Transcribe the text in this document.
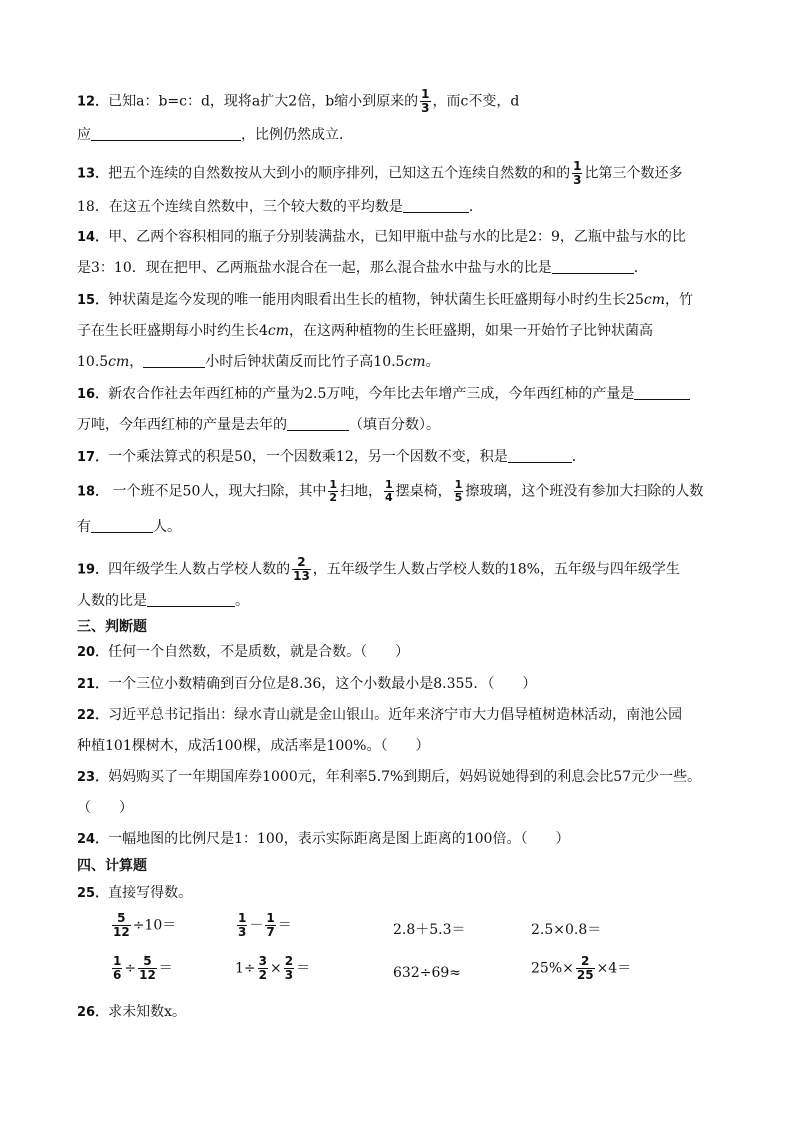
12．已知a：b=c：d，现将a扩大2倍，b缩小到原来的 $\frac{1}{3}$ ，而c不变，d
应	，比例仍然成立．
13．把五个连续的自然数按从大到小的顺序排列，已知这五个连续自然数的和的 $\frac{1}{3}$ 比第三个数还多
18．在这五个连续自然数中，三个较大数的平均数是	．
14．甲、乙两个容积相同的瓶子分别装满盐水，已知甲瓶中盐与水的比是2：9，乙瓶中盐与水的比
是3：10．现在把甲、乙两瓶盐水混合在一起，那么混合盐水中盐与水的比是	．
15．钟状菌是迄今发现的唯一能用肉眼看出生长的植物，钟状菌生长旺盛期每小时约生长25cm，竹
子在生长旺盛期每小时约生长4cm，在这两种植物的生长旺盛期，如果一开始竹子比钟状菌高
10.5cm，	小时后钟状菌反而比竹子高10.5cm。
16．新农合作社去年西红柿的产量为2.5万吨，今年比去年增产三成，今年西红柿的产量是
万吨，今年西红柿的产量是去年的	（填百分数）。
17．一个乘法算式的积是50，一个因数乘12，另一个因数不变，积是	．
18． 一个班不足50人，现大扫除，其中 $\frac{1}{2}$ 扫地， $\frac{1}{4}$ 摆桌椅， $\frac{1}{5}$ 擦玻璃，这个班没有参加大扫除的人数
有	人。
19．四年级学生人数占学校人数的 $\frac{2}{13}$ ，五年级学生人数占学校人数的18%，五年级与四年级学生
人数的比是	。
三、判断题
20．任何一个自然数，不是质数，就是合数。（　　）
21．一个三位小数精确到百分位是8.36，这个小数最小是8.355．（　　）
22．习近平总书记指出：绿水青山就是金山银山。近年来济宁市大力倡导植树造林活动，南池公园
种植101棵树木，成活100棵，成活率是100%。（　　）
23．妈妈购买了一年期国库券1000元，年利率5.7%到期后，妈妈说她得到的利息会比57元少一些。
（　　）
24．一幅地图的比例尺是1：100，表示实际距离是图上距离的100倍。（　　）
四、计算题
25．直接写得数。
$\frac{5}{12} \div 10=$	$\frac{1}{3} - \frac{1}{7}$ ＝	2.8＋5.3＝	2.5×0.8＝
$\frac{1}{6} \div \frac{5}{12}$ ＝	$1\div \frac{3}{2} \times \frac{2}{3}$ ＝	632÷69≈	$25\%\times \frac{2}{25} \times 4=$
26．求未知数x。
